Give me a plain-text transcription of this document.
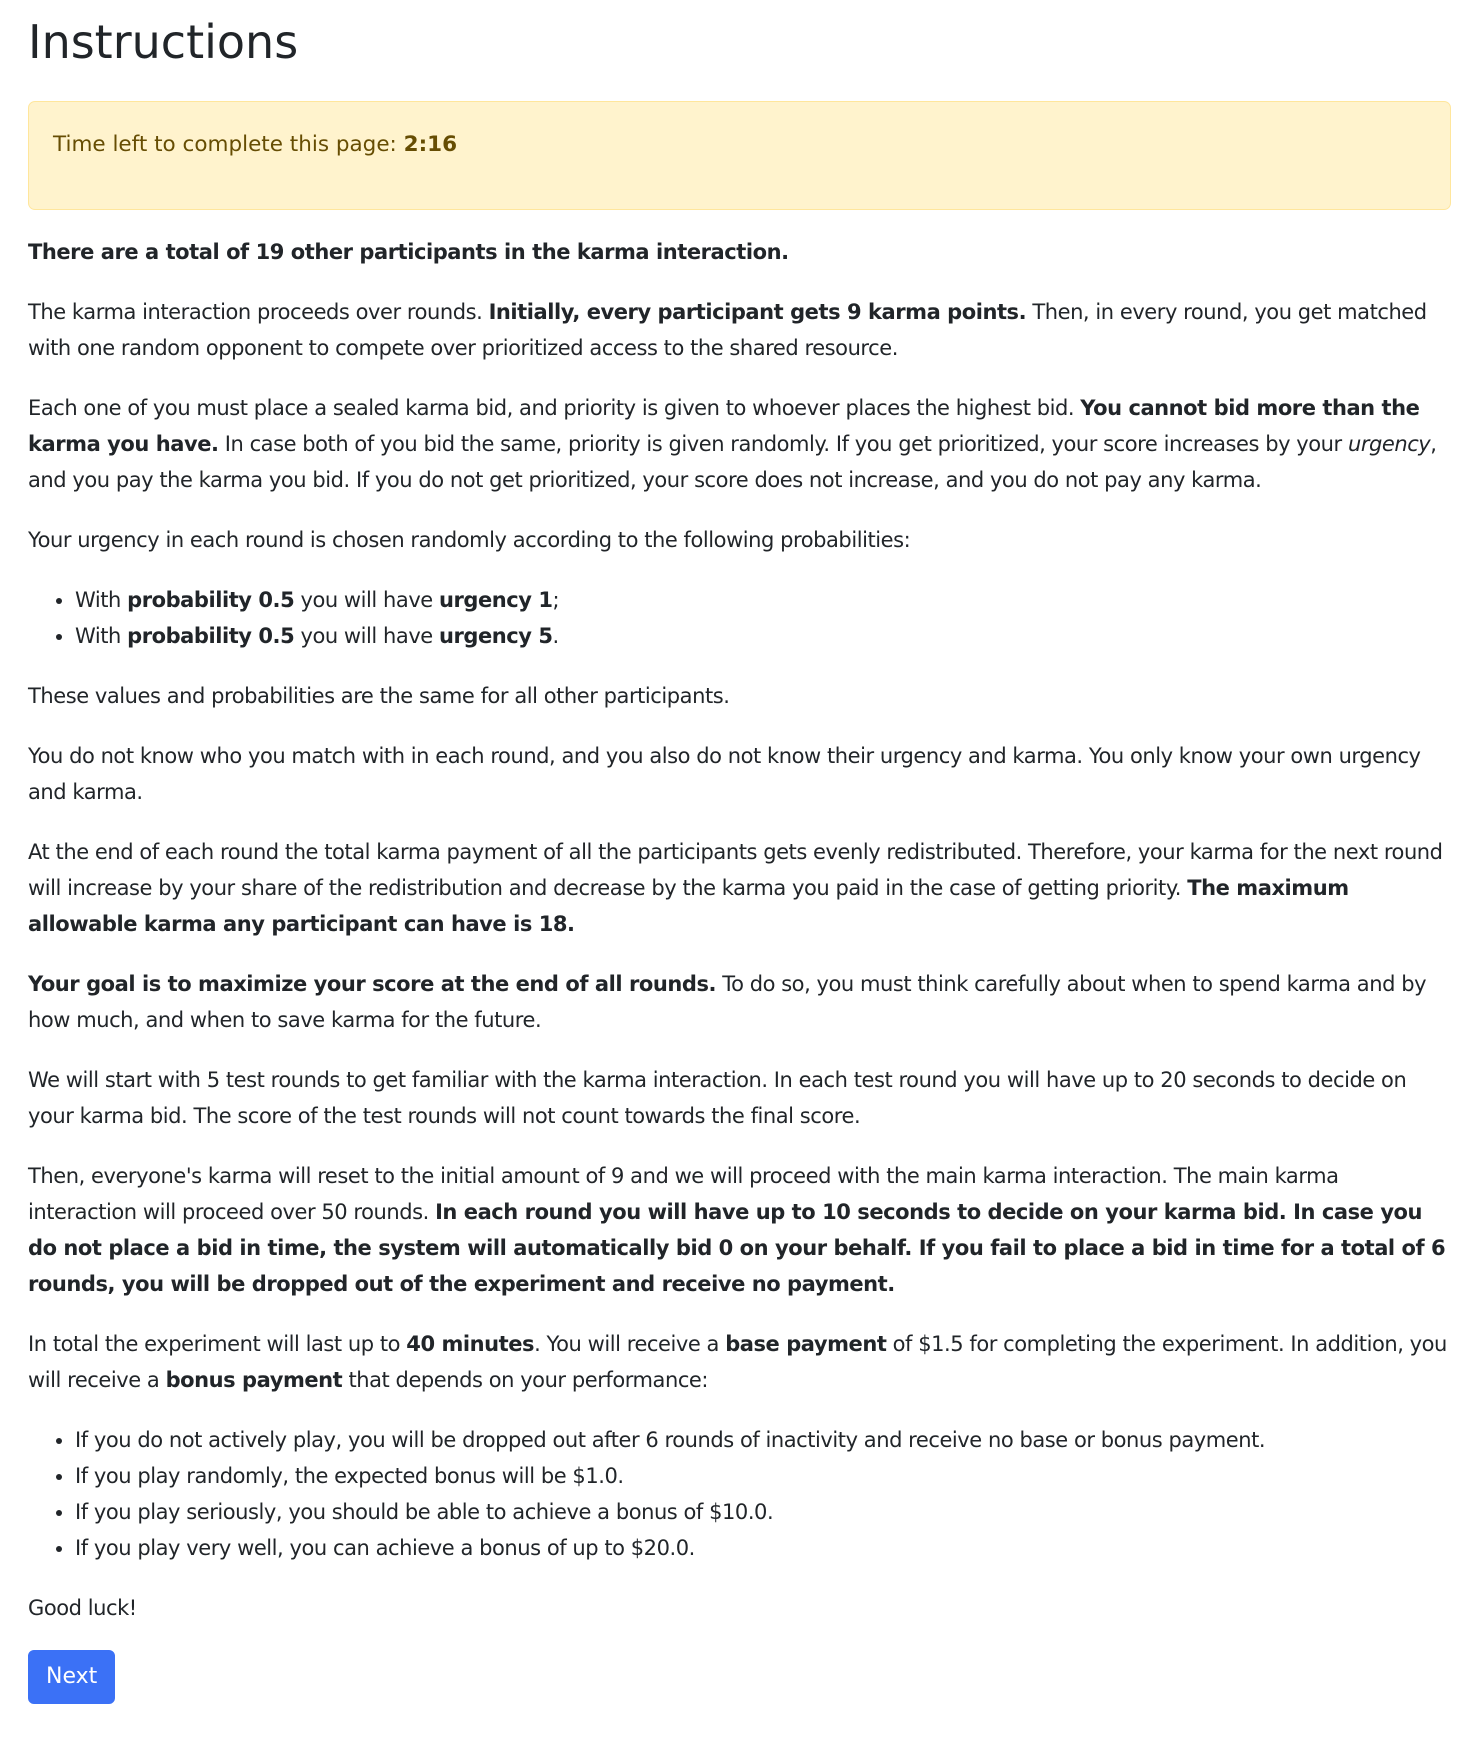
Instructions
Time left to complete this page: 2:16

There are a total of 19 other participants in the karma interaction.

The karma interaction proceeds over rounds. Initially, every participant gets 9 karma points. Then, in every round, you get matched with one random opponent to compete over prioritized access to the shared resource.

Each one of you must place a sealed karma bid, and priority is given to whoever places the highest bid. You cannot bid more than the karma you have. In case both of you bid the same, priority is given randomly. If you get prioritized, your score increases by your urgency, and you pay the karma you bid. If you do not get prioritized, your score does not increase, and you do not pay any karma.

Your urgency in each round is chosen randomly according to the following probabilities:

• With probability 0.5 you will have urgency 1;
• With probability 0.5 you will have urgency 5.

These values and probabilities are the same for all other participants.

You do not know who you match with in each round, and you also do not know their urgency and karma. You only know your own urgency and karma.

At the end of each round the total karma payment of all the participants gets evenly redistributed. Therefore, your karma for the next round will increase by your share of the redistribution and decrease by the karma you paid in the case of getting priority. The maximum allowable karma any participant can have is 18.

Your goal is to maximize your score at the end of all rounds. To do so, you must think carefully about when to spend karma and by how much, and when to save karma for the future.

We will start with 5 test rounds to get familiar with the karma interaction. In each test round you will have up to 20 seconds to decide on your karma bid. The score of the test rounds will not count towards the final score.

Then, everyone's karma will reset to the initial amount of 9 and we will proceed with the main karma interaction. The main karma interaction will proceed over 50 rounds. In each round you will have up to 10 seconds to decide on your karma bid. In case you do not place a bid in time, the system will automatically bid 0 on your behalf. If you fail to place a bid in time for a total of 6 rounds, you will be dropped out of the experiment and receive no payment.

In total the experiment will last up to 40 minutes. You will receive a base payment of $1.5 for completing the experiment. In addition, you will receive a bonus payment that depends on your performance:

• If you do not actively play, you will be dropped out after 6 rounds of inactivity and receive no base or bonus payment.
• If you play randomly, the expected bonus will be $1.0.
• If you play seriously, you should be able to achieve a bonus of $10.0.
• If you play very well, you can achieve a bonus of up to $20.0.

Good luck!

Next
